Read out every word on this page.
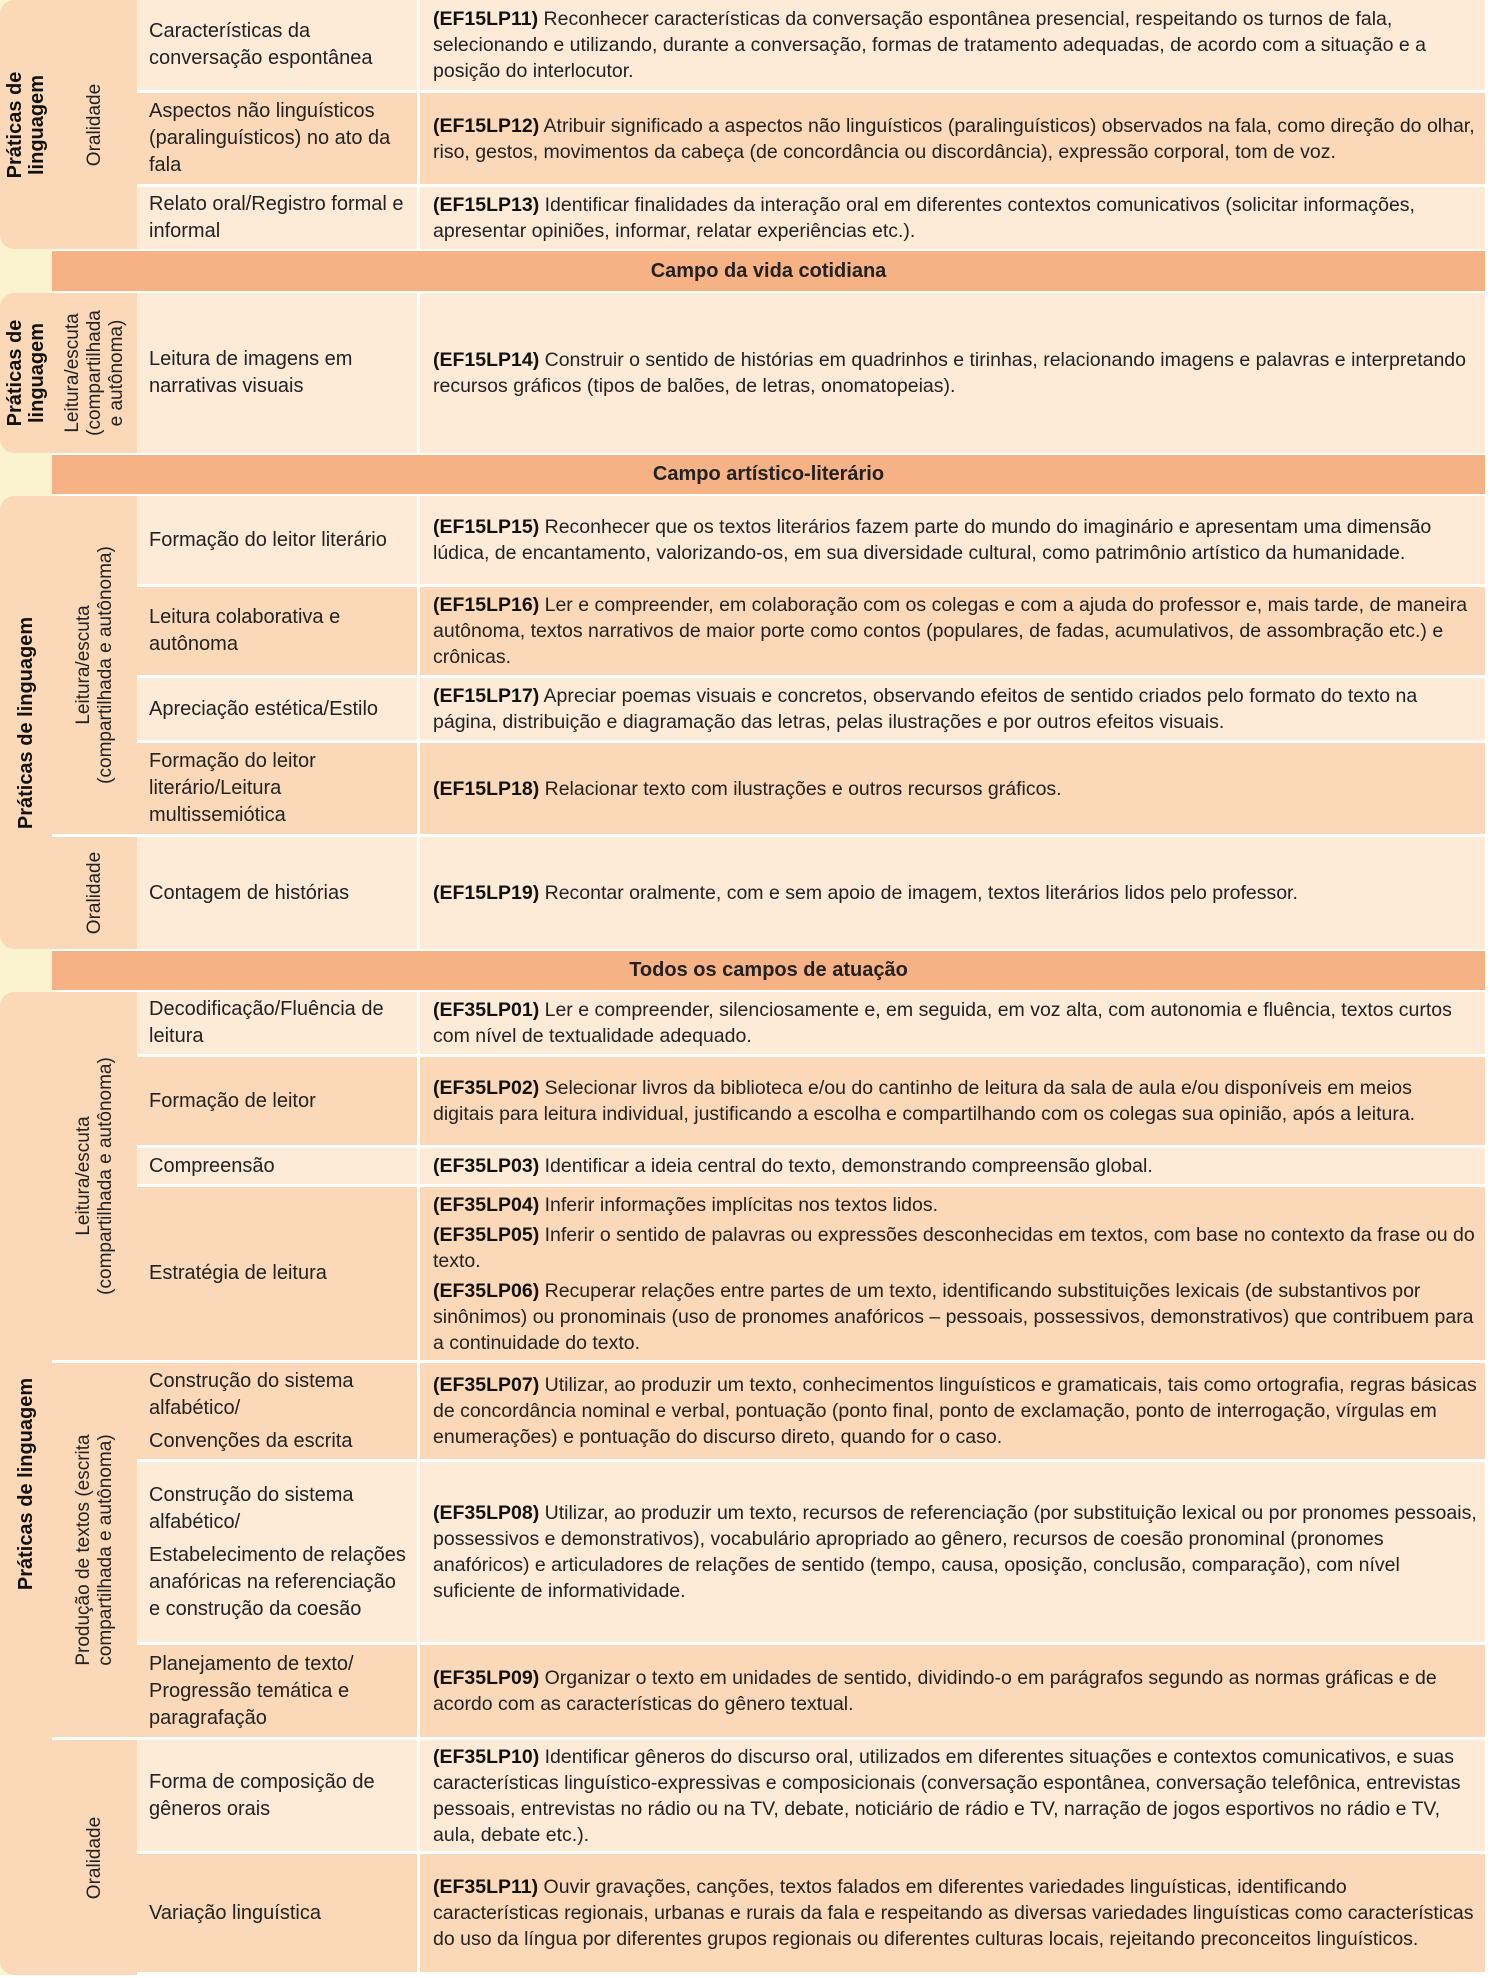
Práticas de
linguagem
Práticas de
linguagem
Práticas de linguagem
Práticas de linguagem
Oralidade
Leitura/escuta
(compartilhada
e autônoma)
Leitura/escuta
(compartilhada e autônoma)
Oralidade
Leitura/escuta
(compartilhada e autônoma)
Produção de textos (escrita
compartilhada e autônoma)
Oralidade
Campo da vida cotidiana
Campo artístico-literário
Todos os campos de atuação

Características da conversação espontânea

(EF15LP11) Reconhecer características da conversação espontânea presencial, respeitando os turnos de fala, selecionando e utilizando, durante a conversação, formas de tratamento adequadas, de acordo com a situação e a posição do interlocutor.

Aspectos não linguísticos (paralinguísticos) no ato da fala

(EF15LP12) Atribuir significado a aspectos não linguísticos (paralinguísticos) observados na fala, como direção do olhar, riso, gestos, movimentos da cabeça (de concordância ou discordância), expressão corporal, tom de voz.

Relato oral/Registro formal e informal

(EF15LP13) Identificar finalidades da interação oral em diferentes contextos comunicativos (solicitar informações, apresentar opiniões, informar, relatar experiências etc.).

Leitura de imagens em narrativas visuais

(EF15LP14) Construir o sentido de histórias em quadrinhos e tirinhas, relacionando imagens e palavras e interpretando recursos gráficos (tipos de balões, de letras, onomatopeias).

Formação do leitor literário

(EF15LP15) Reconhecer que os textos literários fazem parte do mundo do imaginário e apresentam uma dimensão lúdica, de encantamento, valorizando-os, em sua diversidade cultural, como patrimônio artístico da humanidade.

Leitura colaborativa e autônoma

(EF15LP16) Ler e compreender, em colaboração com os colegas e com a ajuda do professor e, mais tarde, de maneira autônoma, textos narrativos de maior porte como contos (populares, de fadas, acumulativos, de assombração etc.) e crônicas.

Apreciação estética/Estilo

(EF15LP17) Apreciar poemas visuais e concretos, observando efeitos de sentido criados pelo formato do texto na página, distribuição e diagramação das letras, pelas ilustrações e por outros efeitos visuais.

Formação do leitor literário/Leitura multissemiótica

(EF15LP18) Relacionar texto com ilustrações e outros recursos gráficos.

Contagem de histórias	(EF15LP19) Recontar oralmente, com e sem apoio de imagem, textos literários lidos pelo professor.

Decodificação/Fluência de leitura

(EF35LP01) Ler e compreender, silenciosamente e, em seguida, em voz alta, com autonomia e fluência, textos curtos com nível de textualidade adequado.

Formação de leitor

(EF35LP02) Selecionar livros da biblioteca e/ou do cantinho de leitura da sala de aula e/ou disponíveis em meios digitais para leitura individual, justificando a escolha e compartilhando com os colegas sua opinião, após a leitura.

Compreensão	(EF35LP03) Identificar a ideia central do texto, demonstrando compreensão global.

Estratégia de leitura

(EF35LP04) Inferir informações implícitas nos textos lidos.

(EF35LP05) Inferir o sentido de palavras ou expressões desconhecidas em textos, com base no contexto da frase ou do texto.

(EF35LP06) Recuperar relações entre partes de um texto, identificando substituições lexicais (de substantivos por sinônimos) ou pronominais (uso de pronomes anafóricos – pessoais, possessivos, demonstrativos) que contribuem para a continuidade do texto.

Construção do sistema alfabético/

Convenções da escrita

(EF35LP07) Utilizar, ao produzir um texto, conhecimentos linguísticos e gramaticais, tais como ortografia, regras básicas de concordância nominal e verbal, pontuação (ponto final, ponto de exclamação, ponto de interrogação, vírgulas em enumerações) e pontuação do discurso direto, quando for o caso.

Construção do sistema alfabético/

Estabelecimento de relações anafóricas na referenciação e construção da coesão

(EF35LP08) Utilizar, ao produzir um texto, recursos de referenciação (por substituição lexical ou por pronomes pessoais, possessivos e demonstrativos), vocabulário apropriado ao gênero, recursos de coesão pronominal (pronomes anafóricos) e articuladores de relações de sentido (tempo, causa, oposição, conclusão, comparação), com nível suficiente de informatividade.

Planejamento de texto/ Progressão temática e paragrafação

(EF35LP09) Organizar o texto em unidades de sentido, dividindo-o em parágrafos segundo as normas gráficas e de acordo com as características do gênero textual.

Forma de composição de gêneros orais

(EF35LP10) Identificar gêneros do discurso oral, utilizados em diferentes situações e contextos comunicativos, e suas características linguístico-expressivas e composicionais (conversação espontânea, conversação telefônica, entrevistas pessoais, entrevistas no rádio ou na TV, debate, noticiário de rádio e TV, narração de jogos esportivos no rádio e TV, aula, debate etc.).

Variação linguística

(EF35LP11) Ouvir gravações, canções, textos falados em diferentes variedades linguísticas, identificando características regionais, urbanas e rurais da fala e respeitando as diversas variedades linguísticas como características do uso da língua por diferentes grupos regionais ou diferentes culturas locais, rejeitando preconceitos linguísticos.
